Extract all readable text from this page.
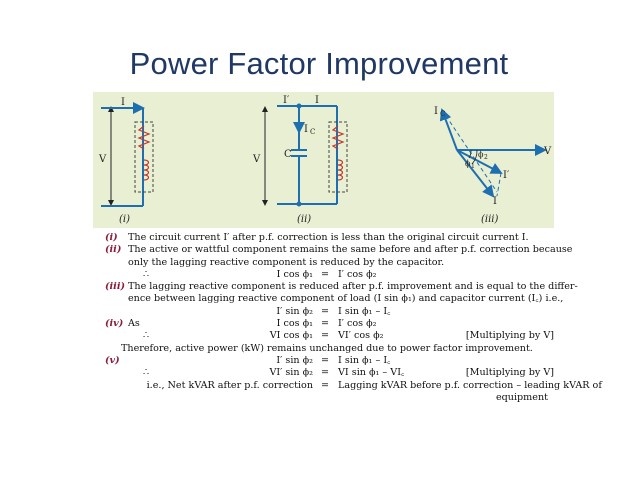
Power Factor Improvement
I
V
(i)
I′	I
I C
C
V
(ii)
I C
V
I′
I
ϕ 2
ϕ 1
(iii)
(i) The circuit current I′ after p.f. correction is less than the original circuit current I.
(ii) The active or wattful component remains the same before and after p.f. correction because
only the lagging reactive component is reduced by the capacitor.
∴	I cos ϕ₁ = I′ cos ϕ₂
(iii) The lagging reactive component is reduced after p.f. improvement and is equal to the differ-
ence between lagging reactive component of load (I sin ϕ₁) and capacitor current (I꜀) i.e.,
I′ sin ϕ₂ = I sin ϕ₁ – I꜀
(iv) As	I cos ϕ₁ = I′ cos ϕ₂
∴	VI cos ϕ₁ = VI′ cos ϕ₂	[Multiplying by V]
Therefore, active power (kW) remains unchanged due to power factor improvement.
(v)	I′ sin ϕ₂ = I sin ϕ₁ – I꜀
∴	VI′ sin ϕ₂ = VI sin ϕ₁ – VI꜀	[Multiplying by V]
i.e., Net kVAR after p.f. correction = Lagging kVAR before p.f. correction – leading kVAR of
equipment
